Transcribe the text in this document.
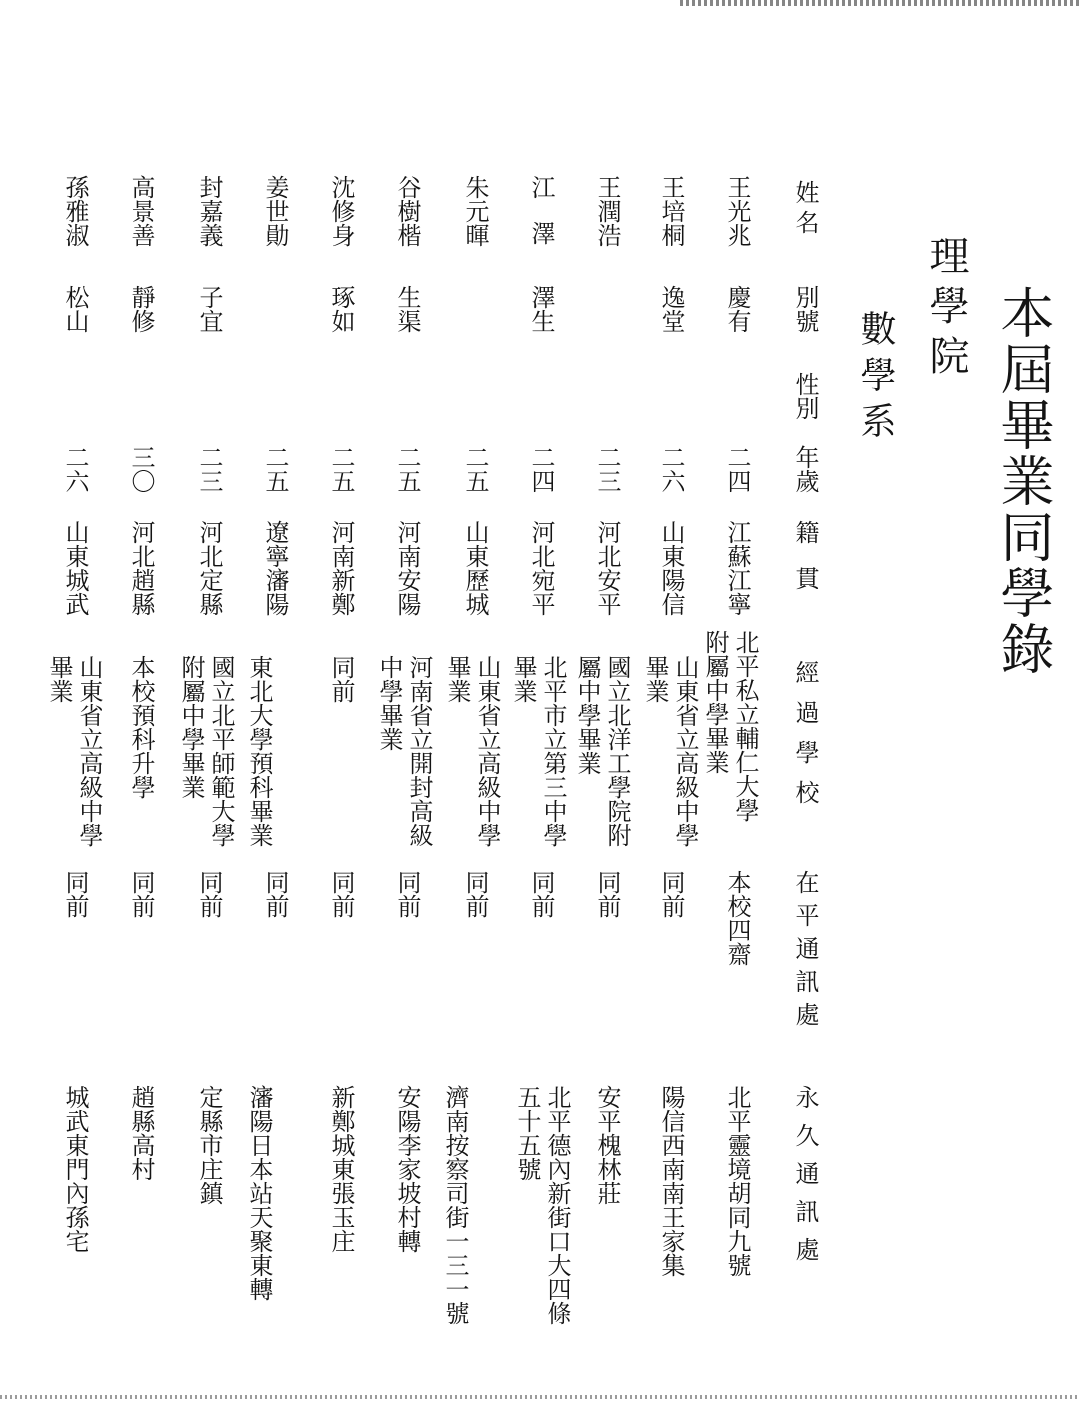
本屆畢業同學錄
理學院
數學系
姓名
別號
性別
年歲
籍貫
經過學校
在平通訊處
永久通訊處
王光兆
慶有
二四
江蘇江寧
北平私立輔仁大學附屬中學畢業
本校四齋
北平靈境胡同九號
王培桐
逸堂
二六
山東陽信
山東省立高級中學畢業
同前
陽信西南南王家集
王潤浩
二三
河北安平
國立北洋工學院附屬中學畢業
同前
安平槐林莊
江澤
澤生
二四
河北宛平
北平市立第三中學畢業
同前
北平德內新街口大四條五十五號
朱元暉
二五
山東歷城
山東省立高級中學畢業
同前
濟南按察司街一三一號
谷樹楷
生渠
二五
河南安陽
河南省立開封高級中學畢業
同前
安陽李家坡村轉
沈修身
琢如
二五
河南新鄭
同前
同前
新鄭城東張玉庄
姜世勛
二五
遼寧瀋陽
東北大學預科畢業
同前
瀋陽日本站天聚東轉
封嘉義
子宜
二三
河北定縣
國立北平師範大學附屬中學畢業
同前
定縣市庄鎮
高景善
靜修
三〇
河北趙縣
本校預科升學
同前
趙縣高村
孫雅淑
松山
二六
山東城武
山東省立高級中學畢業
同前
城武東門內孫宅
